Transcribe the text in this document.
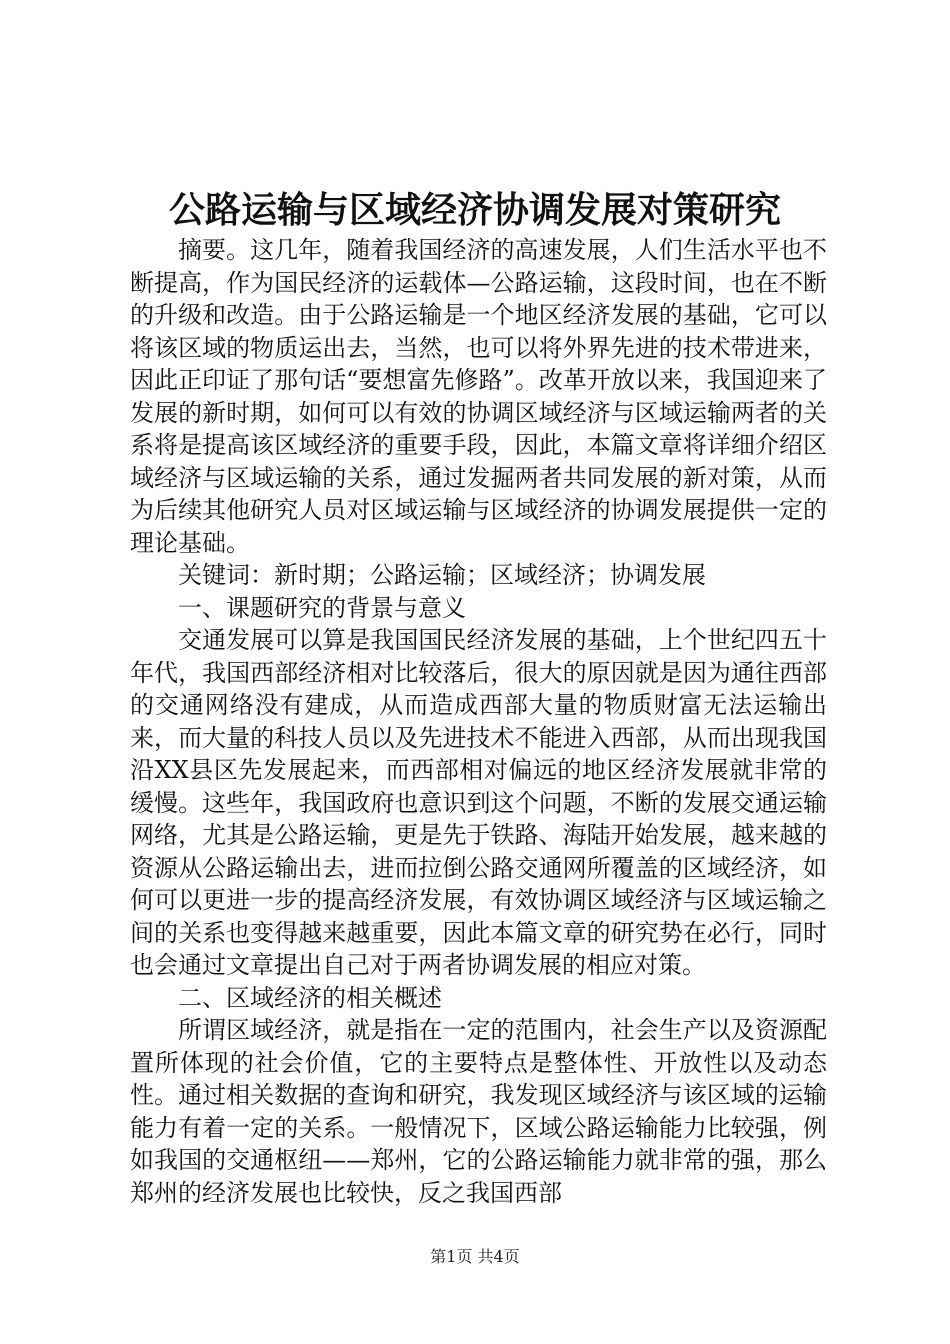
公路运输与区域经济协调发展对策研究

摘要。这几年，随着我国经济的高速发展，人们生活水平也不断提高，作为国民经济的运载体—公路运输，这段时间，也在不断的升级和改造。由于公路运输是一个地区经济发展的基础，它可以将该区域的物质运出去，当然，也可以将外界先进的技术带进来，因此正印证了那句话“要想富先修路”。改革开放以来，我国迎来了发展的新时期，如何可以有效的协调区域经济与区域运输两者的关系将是提高该区域经济的重要手段，因此，本篇文章将详细介绍区域经济与区域运输的关系，通过发掘两者共同发展的新对策，从而为后续其他研究人员对区域运输与区域经济的协调发展提供一定的理论基础。

关键词：新时期；公路运输；区域经济；协调发展

一、课题研究的背景与意义

交通发展可以算是我国国民经济发展的基础，上个世纪四五十年代，我国西部经济相对比较落后，很大的原因就是因为通往西部的交通网络没有建成，从而造成西部大量的物质财富无法运输出来，而大量的科技人员以及先进技术不能进入西部，从而出现我国沿XX县区先发展起来，而西部相对偏远的地区经济发展就非常的缓慢。这些年，我国政府也意识到这个问题，不断的发展交通运输网络，尤其是公路运输，更是先于铁路、海陆开始发展，越来越的资源从公路运输出去，进而拉倒公路交通网所覆盖的区域经济，如何可以更进一步的提高经济发展，有效协调区域经济与区域运输之间的关系也变得越来越重要，因此本篇文章的研究势在必行，同时也会通过文章提出自己对于两者协调发展的相应对策。

二、区域经济的相关概述

所谓区域经济，就是指在一定的范围内，社会生产以及资源配置所体现的社会价值，它的主要特点是整体性、开放性以及动态性。通过相关数据的查询和研究，我发现区域经济与该区域的运输能力有着一定的关系。一般情况下，区域公路运输能力比较强，例如我国的交通枢纽——郑州，它的公路运输能力就非常的强，那么郑州的经济发展也比较快，反之我国西部

第1页 共4页
